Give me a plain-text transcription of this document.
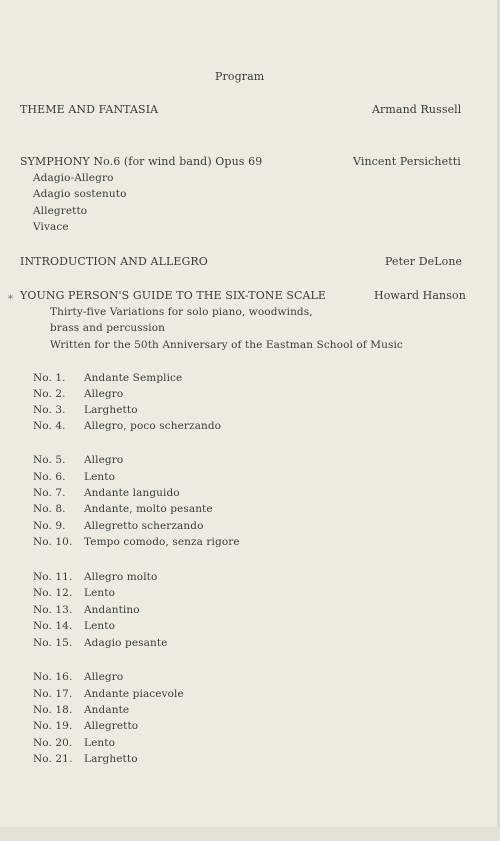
Program
THEME AND FANTASIA	Armand Russell
SYMPHONY No.6 (for wind band) Opus 69	Vincent Persichetti
Adagio-Allegro
Adagio sostenuto
Allegretto
Vivace
INTRODUCTION AND ALLEGRO	Peter DeLone
* YOUNG PERSON'S GUIDE TO THE SIX-TONE SCALE	Howard Hanson
Thirty-five Variations for solo piano, woodwinds,
brass and percussion
Written for the 50th Anniversary of the Eastman School of Music
No. 1. Andante Semplice
No. 2. Allegro
No. 3. Larghetto
No. 4. Allegro, poco scherzando
No. 5. Allegro
No. 6. Lento
No. 7. Andante languido
No. 8. Andante, molto pesante
No. 9. Allegretto scherzando
No. 10. Tempo comodo, senza rigore
No. 11. Allegro molto
No. 12. Lento
No. 13. Andantino
No. 14. Lento
No. 15. Adagio pesante
No. 16. Allegro
No. 17. Andante piacevole
No. 18. Andante
No. 19. Allegretto
No. 20. Lento
No. 21. Larghetto
